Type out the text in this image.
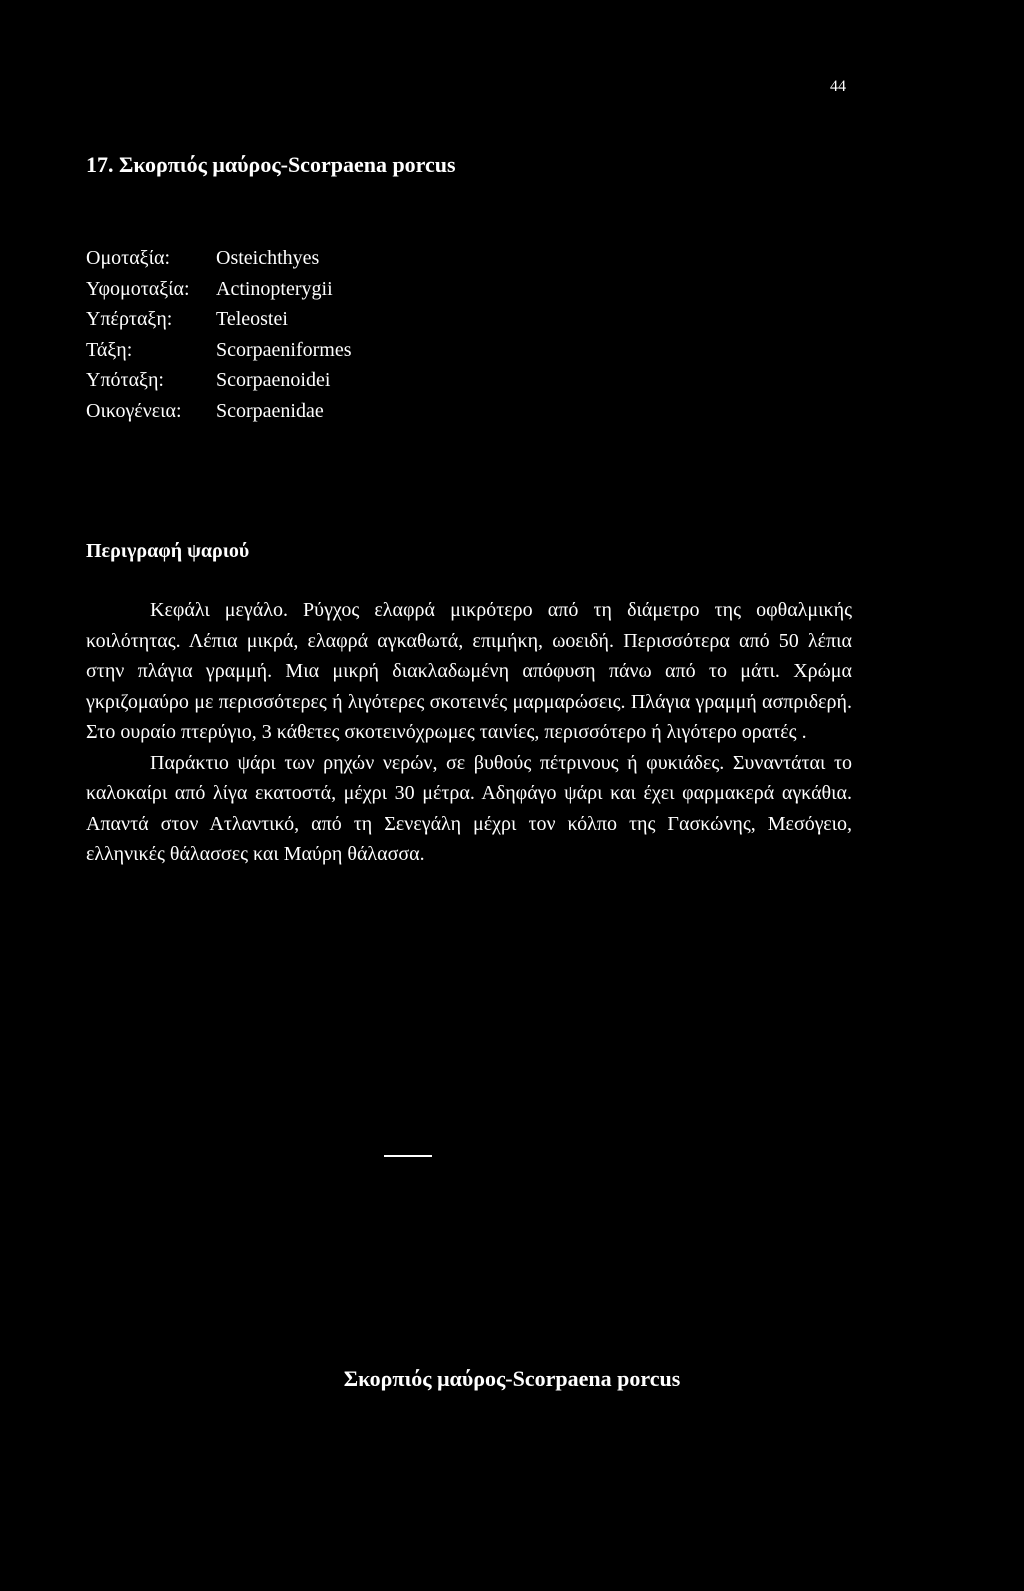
44
17. Σκορπιός μαύρος-Scorpaena porcus
Ομοταξία:	Osteichthyes
Υφομοταξία:	Actinopterygii
Υπέρταξη:	Teleostei
Τάξη:	Scorpaeniformes
Υπόταξη:	Scorpaenoidei
Οικογένεια:	Scorpaenidae
Περιγραφή ψαριού

Κεφάλι μεγάλο. Ρύγχος ελαφρά μικρότερο από τη διάμετρο της οφθαλμικής κοιλότητας. Λέπια μικρά, ελαφρά αγκαθωτά, επιμήκη, ωοειδή. Περισσότερα από 50 λέπια στην πλάγια γραμμή. Μια μικρή διακλαδωμένη απόφυση πάνω από το μάτι. Χρώμα γκριζομαύρο με περισσότερες ή λιγότερες σκοτεινές μαρμαρώσεις. Πλάγια γραμμή ασπριδερή. Στο ουραίο πτερύγιο, 3 κάθετες σκοτεινόχρωμες ταινίες, περισσότερο ή λιγότερο ορατές .

Παράκτιο ψάρι των ρηχών νερών, σε βυθούς πέτρινους ή φυκιάδες. Συναντάται το καλοκαίρι από λίγα εκατοστά, μέχρι 30 μέτρα. Αδηφάγο ψάρι και έχει φαρμακερά αγκάθια. Απαντά στον Ατλαντικό, από τη Σενεγάλη μέχρι τον κόλπο της Γασκώνης, Μεσόγειο, ελληνικές θάλασσες και Μαύρη θάλασσα.

Σκορπιός μαύρος-Scorpaena porcus
